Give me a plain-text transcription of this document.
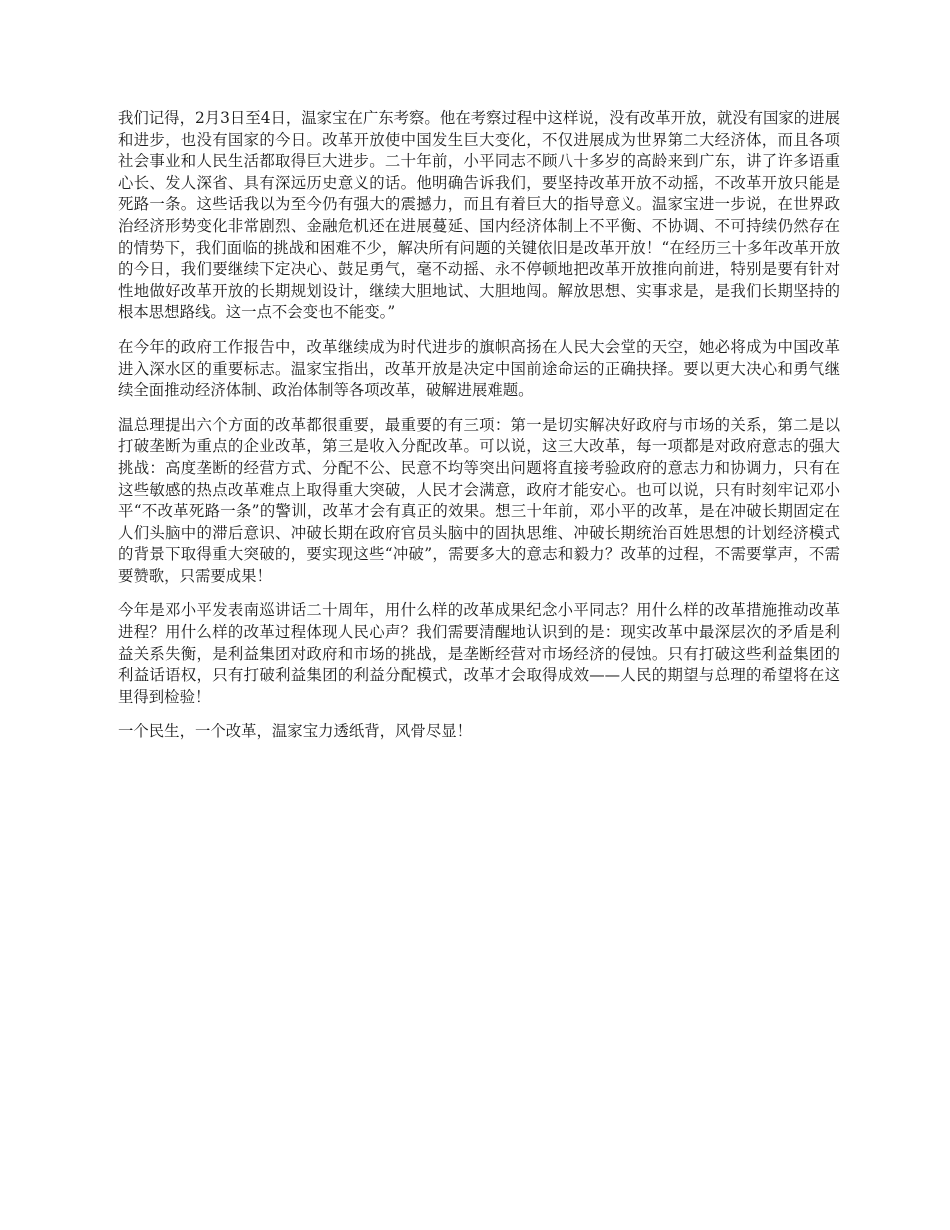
我们记得，2月3日至4日，温家宝在广东考察。他在考察过程中这样说，没有改革开放，就没有国家的进展和进步，也没有国家的今日。改革开放使中国发生巨大变化，不仅进展成为世界第二大经济体，而且各项社会事业和人民生活都取得巨大进步。二十年前，小平同志不顾八十多岁的高龄来到广东，讲了许多语重心长、发人深省、具有深远历史意义的话。他明确告诉我们，要坚持改革开放不动摇，不改革开放只能是死路一条。这些话我以为至今仍有强大的震撼力，而且有着巨大的指导意义。温家宝进一步说，在世界政治经济形势变化非常剧烈、金融危机还在进展蔓延、国内经济体制上不平衡、不协调、不可持续仍然存在的情势下，我们面临的挑战和困难不少，解决所有问题的关键依旧是改革开放！“在经历三十多年改革开放的今日，我们要继续下定决心、鼓足勇气，毫不动摇、永不停顿地把改革开放推向前进，特别是要有针对性地做好改革开放的长期规划设计，继续大胆地试、大胆地闯。解放思想、实事求是，是我们长期坚持的根本思想路线。这一点不会变也不能变。”

在今年的政府工作报告中，改革继续成为时代进步的旗帜高扬在人民大会堂的天空，她必将成为中国改革进入深水区的重要标志。温家宝指出，改革开放是决定中国前途命运的正确抉择。要以更大决心和勇气继续全面推动经济体制、政治体制等各项改革，破解进展难题。

温总理提出六个方面的改革都很重要，最重要的有三项：第一是切实解决好政府与市场的关系，第二是以打破垄断为重点的企业改革，第三是收入分配改革。可以说，这三大改革，每一项都是对政府意志的强大挑战：高度垄断的经营方式、分配不公、民意不均等突出问题将直接考验政府的意志力和协调力，只有在这些敏感的热点改革难点上取得重大突破，人民才会满意，政府才能安心。也可以说，只有时刻牢记邓小平“不改革死路一条”的警训，改革才会有真正的效果。想三十年前，邓小平的改革，是在冲破长期固定在人们头脑中的滞后意识、冲破长期在政府官员头脑中的固执思维、冲破长期统治百姓思想的计划经济模式的背景下取得重大突破的，要实现这些“冲破”，需要多大的意志和毅力？改革的过程，不需要掌声，不需要赞歌，只需要成果！

今年是邓小平发表南巡讲话二十周年，用什么样的改革成果纪念小平同志？用什么样的改革措施推动改革进程？用什么样的改革过程体现人民心声？我们需要清醒地认识到的是：现实改革中最深层次的矛盾是利益关系失衡，是利益集团对政府和市场的挑战，是垄断经营对市场经济的侵蚀。只有打破这些利益集团的利益话语权，只有打破利益集团的利益分配模式，改革才会取得成效——人民的期望与总理的希望将在这里得到检验！

一个民生，一个改革，温家宝力透纸背，风骨尽显！
